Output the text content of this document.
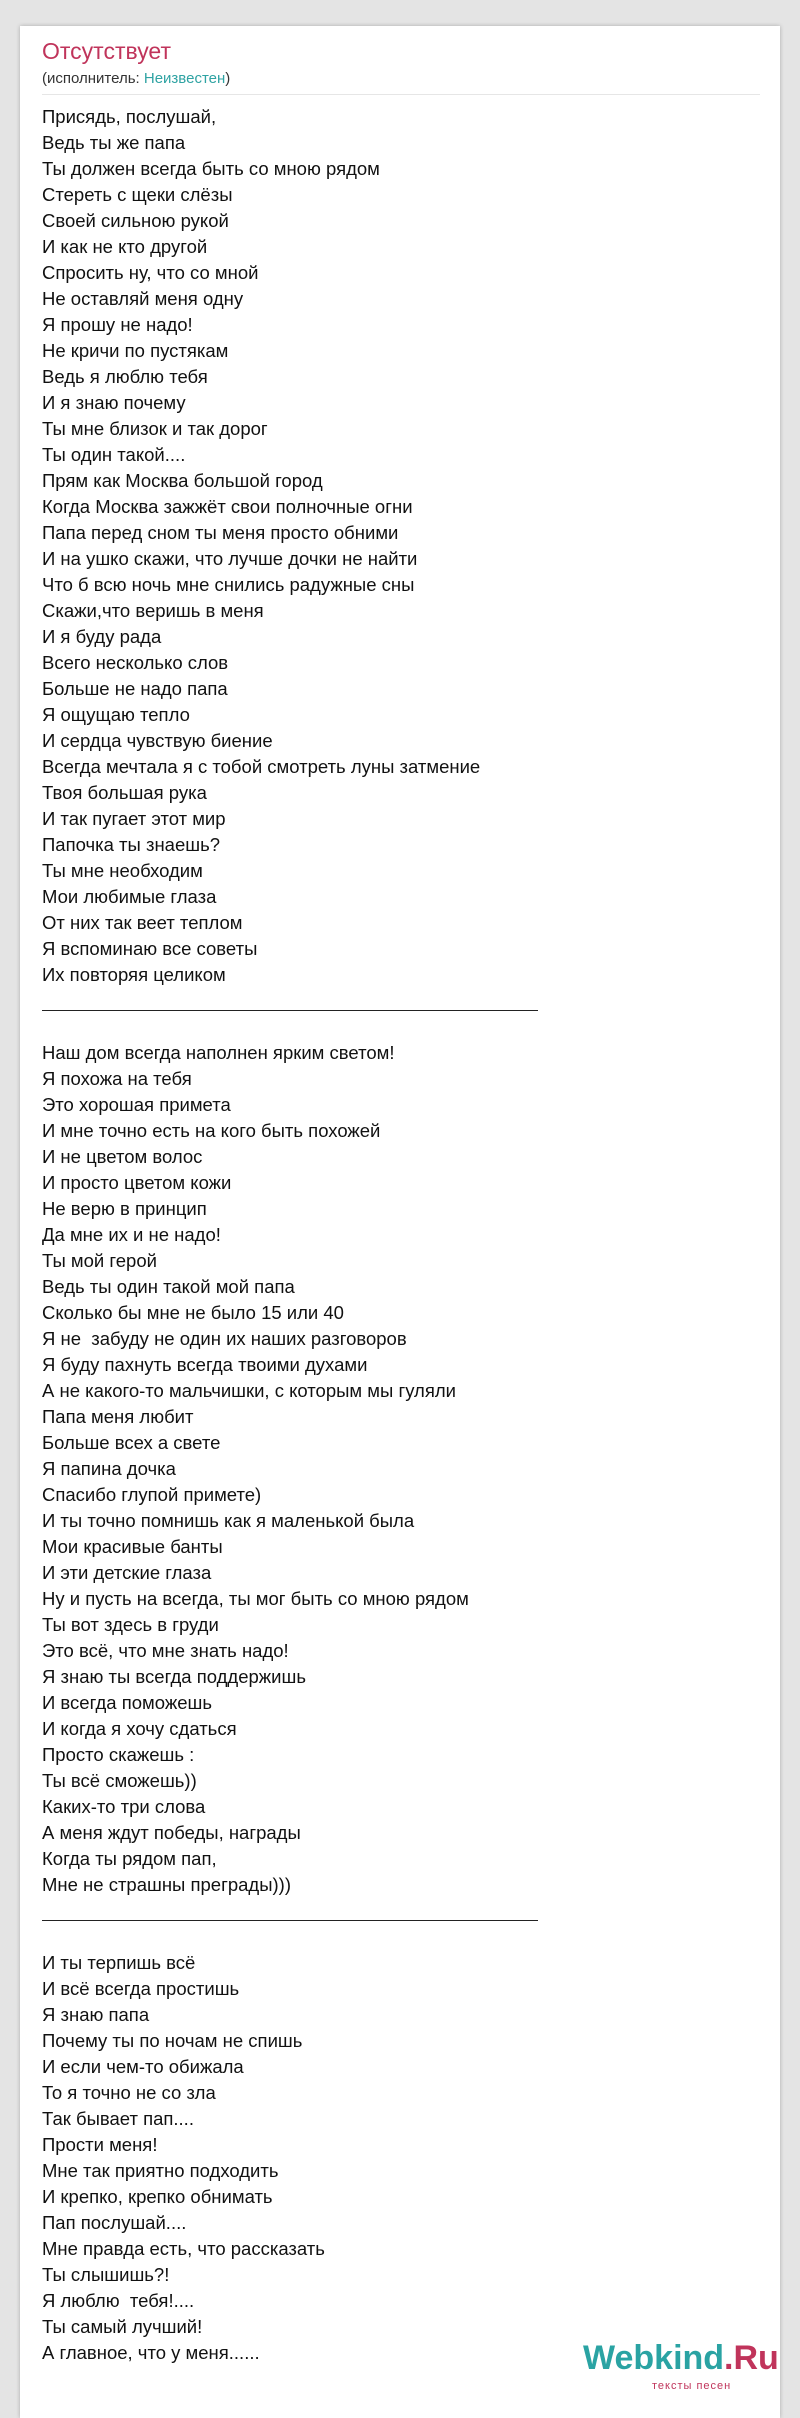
Отсутствует
(исполнитель: Неизвестен)
Присядь, послушай,
Ведь ты же папа
Ты должен всегда быть со мною рядом
Стереть с щеки слёзы
Своей сильною рукой
И как не кто другой
Спросить ну, что со мной
Не оставляй меня одну
Я прошу не надо!
Не кричи по пустякам
Ведь я люблю тебя
И я знаю почему
Ты мне близок и так дорог
Ты один такой....
Прям как Москва большой город
Когда Москва зажжёт свои полночные огни
Папа перед сном ты меня просто обними
И на ушко скажи, что лучше дочки не найти
Что б всю ночь мне снились радужные сны
Скажи,что веришь в меня
И я буду рада
Всего несколько слов
Больше не надо папа
Я ощущаю тепло
И сердца чувствую биение
Всегда мечтала я с тобой смотреть луны затмение
Твоя большая рука
И так пугает этот мир
Папочка ты знаешь?
Ты мне необходим
Мои любимые глаза
От них так веет теплом
Я вспоминаю все советы
Их повторяя целиком
Наш дом всегда наполнен ярким светом!
Я похожа на тебя
Это хорошая примета
И мне точно есть на кого быть похожей
И не цветом волос
И просто цветом кожи
Не верю в принцип
Да мне их и не надо!
Ты мой герой
Ведь ты один такой мой папа
Сколько бы мне не было 15 или 40
Я не  забуду не один их наших разговоров
Я буду пахнуть всегда твоими духами
А не какого-то мальчишки, с которым мы гуляли
Папа меня любит
Больше всех а свете
Я папина дочка
Спасибо глупой примете)
И ты точно помнишь как я маленькой была
Мои красивые банты
И эти детские глаза
Ну и пусть на всегда, ты мог быть со мною рядом
Ты вот здесь в груди
Это всё, что мне знать надо!
Я знаю ты всегда поддержишь
И всегда поможешь
И когда я хочу сдаться
Просто скажешь :
Ты всё сможешь))
Каких-то три слова
А меня ждут победы, награды
Когда ты рядом пап,
Мне не страшны преграды)))
И ты терпишь всё
И всё всегда простишь
Я знаю папа
Почему ты по ночам не спишь
И если чем-то обижала
То я точно не со зла
Так бывает пап....
Прости меня!
Мне так приятно подходить
И крепко, крепко обнимать
Пап послушай....
Мне правда есть, что рассказать
Ты слышишь?!
Я люблю  тебя!....
Ты самый лучший!
А главное, что у меня......	Webkind.Ru
тексты песен
